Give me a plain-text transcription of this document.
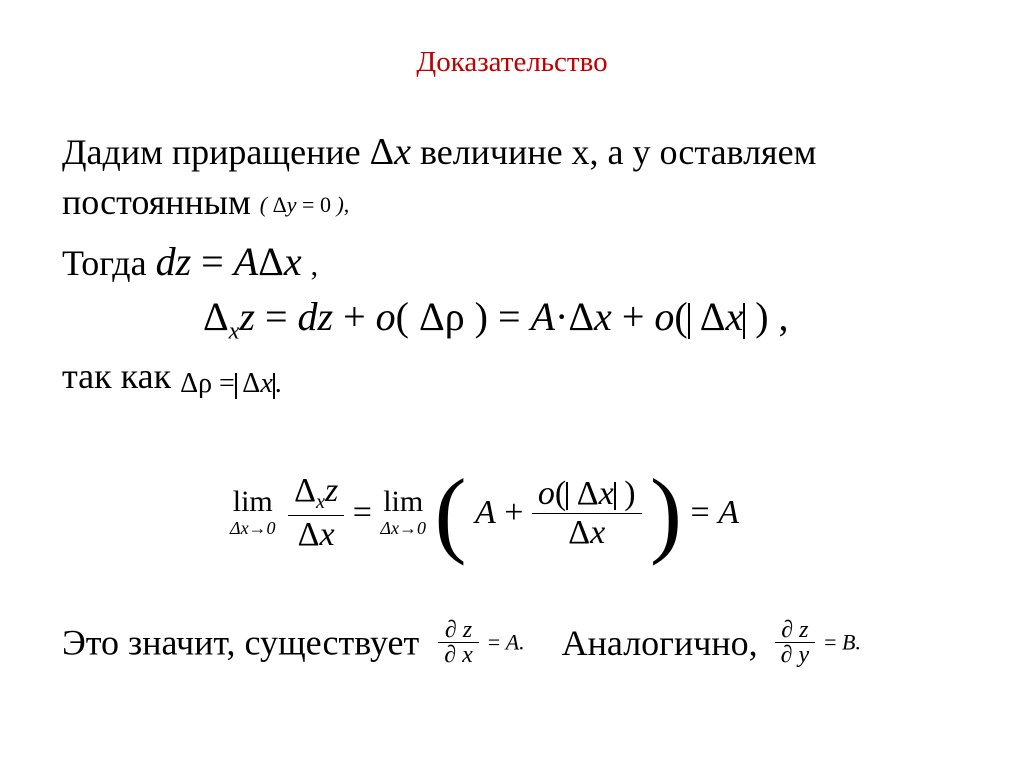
Доказательство
Дадим приращение Δx величине x, а y оставляем
постоянным ( Δy = 0 ),
Тогда dz = AΔx ,
$\Delta_xz$ = dz + o( Δρ ) = A·Δx + o( Δx ) ,
так как Δρ = Δx.
lim
Δx→0
$\frac{\Delta_xz}{\Delta x} = \lim$
Δx→0 ( $A + \frac{o( \Delta x )}{\Delta x}$ ) = A
Это значит, существует $\frac{\partial z}{\partial x} = A$. Аналогично, $\frac{\partial z}{\partial y} = B$.
